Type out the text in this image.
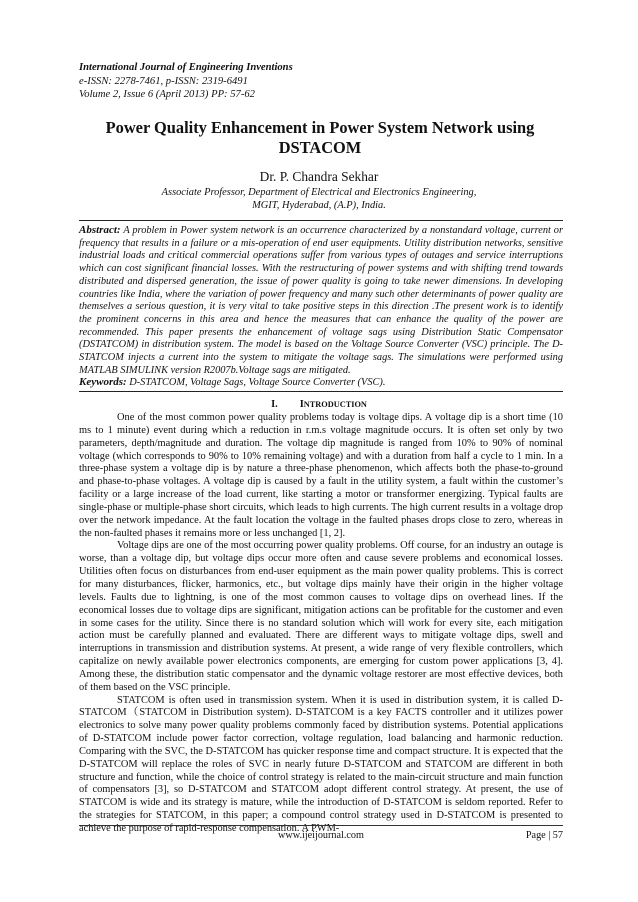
International Journal of Engineering Inventions
e-ISSN: 2278-7461, p-ISSN: 2319-6491
Volume 2, Issue 6 (April 2013) PP: 57-62
Power Quality Enhancement in Power System Network using DSTACOM
Dr. P. Chandra Sekhar
Associate Professor, Department of Electrical and Electronics Engineering,
MGIT, Hyderabad, (A.P), India.
Abstract: A problem in Power system network is an occurrence characterized by a nonstandard voltage, current or frequency that results in a failure or a mis-operation of end user equipments. Utility distribution networks, sensitive industrial loads and critical commercial operations suffer from various types of outages and service interruptions which can cost significant financial losses. With the restructuring of power systems and with shifting trend towards distributed and dispersed generation, the issue of power quality is going to take newer dimensions. In developing countries like India, where the variation of power frequency and many such other determinants of power quality are themselves a serious question, it is very vital to take positive steps in this direction .The present work is to identify the prominent concerns in this area and hence the measures that can enhance the quality of the power are recommended. This paper presents the enhancement of voltage sags using Distribution Static Compensator (DSTATCOM) in distribution system. The model is based on the Voltage Source Converter (VSC) principle. The D-STATCOM injects a current into the system to mitigate the voltage sags. The simulations were performed using MATLAB SIMULINK version R2007b.Voltage sags are mitigated.
Keywords: D-STATCOM, Voltage Sags, Voltage Source Converter (VSC).
I. INTRODUCTION

One of the most common power quality problems today is voltage dips. A voltage dip is a short time (10 ms to 1 minute) event during which a reduction in r.m.s voltage magnitude occurs. It is often set only by two parameters, depth/magnitude and duration. The voltage dip magnitude is ranged from 10% to 90% of nominal voltage (which corresponds to 90% to 10% remaining voltage) and with a duration from half a cycle to 1 min. In a three-phase system a voltage dip is by nature a three-phase phenomenon, which affects both the phase-to-ground and phase-to-phase voltages. A voltage dip is caused by a fault in the utility system, a fault within the customer’s facility or a large increase of the load current, like starting a motor or transformer energizing. Typical faults are single-phase or multiple-phase short circuits, which leads to high currents. The high current results in a voltage drop over the network impedance. At the fault location the voltage in the faulted phases drops close to zero, whereas in the non-faulted phases it remains more or less unchanged [1, 2].

Voltage dips are one of the most occurring power quality problems. Off course, for an industry an outage is worse, than a voltage dip, but voltage dips occur more often and cause severe problems and economical losses. Utilities often focus on disturbances from end-user equipment as the main power quality problems. This is correct for many disturbances, flicker, harmonics, etc., but voltage dips mainly have their origin in the higher voltage levels. Faults due to lightning, is one of the most common causes to voltage dips on overhead lines. If the economical losses due to voltage dips are significant, mitigation actions can be profitable for the customer and even in some cases for the utility. Since there is no standard solution which will work for every site, each mitigation action must be carefully planned and evaluated. There are different ways to mitigate voltage dips, swell and interruptions in transmission and distribution systems. At present, a wide range of very flexible controllers, which capitalize on newly available power electronics components, are emerging for custom power applications [3, 4]. Among these, the distribution static compensator and the dynamic voltage restorer are most effective devices, both of them based on the VSC principle.

STATCOM is often used in transmission system. When it is used in distribution system, it is called D-STATCOM（STATCOM in Distribution system). D-STATCOM is a key FACTS controller and it utilizes power electronics to solve many power quality problems commonly faced by distribution systems. Potential applications of D-STATCOM include power factor correction, voltage regulation, load balancing and harmonic reduction. Comparing with the SVC, the D-STATCOM has quicker response time and compact structure. It is expected that the D-STATCOM will replace the roles of SVC in nearly future D-STATCOM and STATCOM are different in both structure and function, while the choice of control strategy is related to the main-circuit structure and main function of compensators [3], so D-STATCOM and STATCOM adopt different control strategy. At present, the use of STATCOM is wide and its strategy is mature, while the introduction of D-STATCOM is seldom reported. Refer to the strategies for STATCOM, in this paper; a compound control strategy used in D-STATCOM is presented to achieve the purpose of rapid-response compensation. A PWM-

www.ijeijournal.com	Page | 57
